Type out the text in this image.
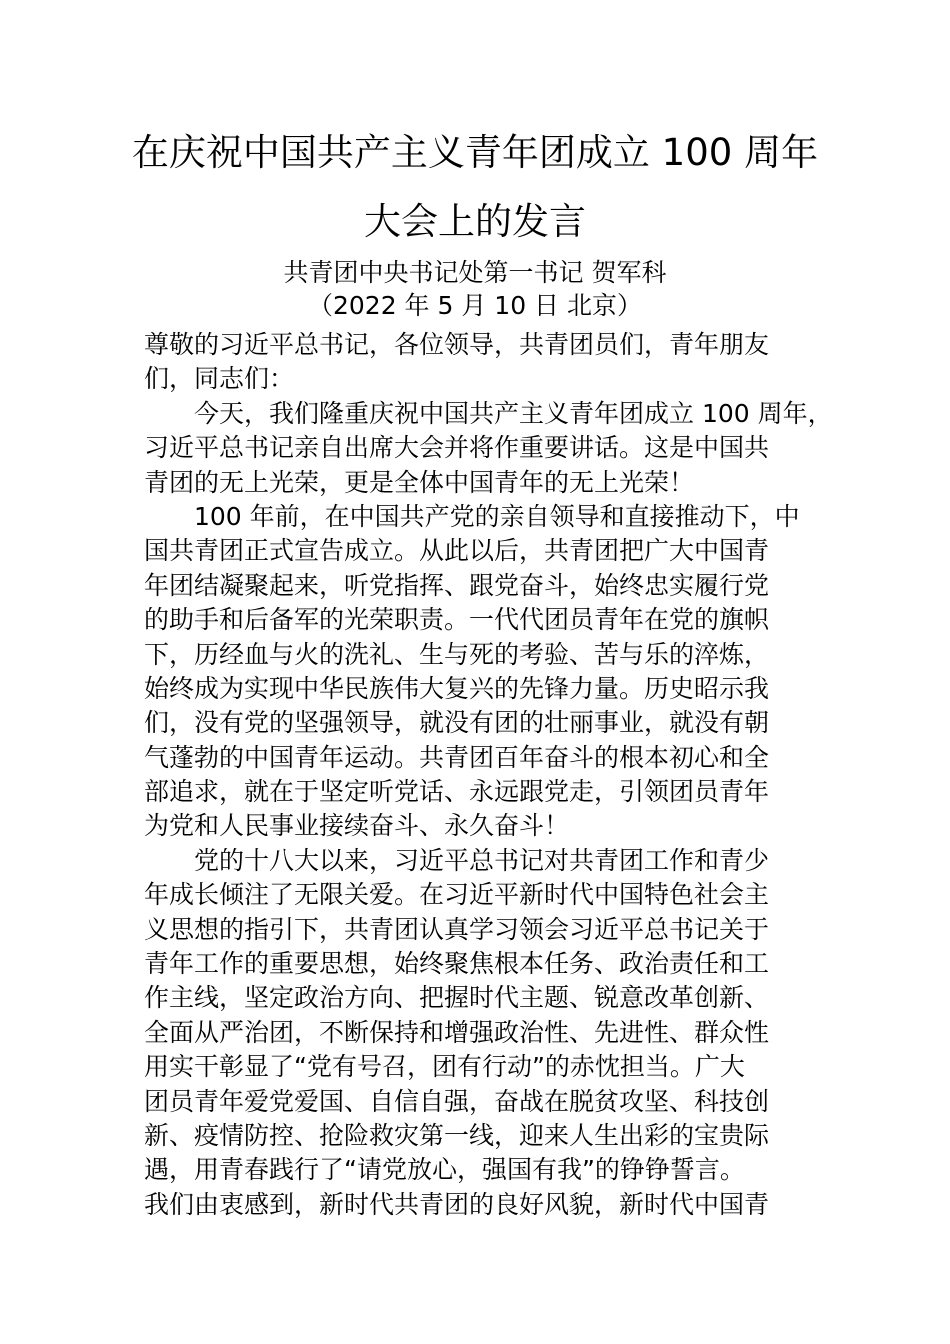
在庆祝中国共产主义青年团成立 100 周年
大会上的发言
共青团中央书记处第一书记 贺军科
（2022 年 5 月 10 日 北京）
尊敬的习近平总书记，各位领导，共青团员们，青年朋友
们，同志们：
今天，我们隆重庆祝中国共产主义青年团成立 100 周年，
习近平总书记亲自出席大会并将作重要讲话。这是中国共
青团的无上光荣，更是全体中国青年的无上光荣！
100 年前，在中国共产党的亲自领导和直接推动下，中
国共青团正式宣告成立。从此以后，共青团把广大中国青
年团结凝聚起来，听党指挥、跟党奋斗，始终忠实履行党
的助手和后备军的光荣职责。一代代团员青年在党的旗帜
下，历经血与火的洗礼、生与死的考验、苦与乐的淬炼，
始终成为实现中华民族伟大复兴的先锋力量。历史昭示我
们，没有党的坚强领导，就没有团的壮丽事业，就没有朝
气蓬勃的中国青年运动。共青团百年奋斗的根本初心和全
部追求，就在于坚定听党话、永远跟党走，引领团员青年
为党和人民事业接续奋斗、永久奋斗！
党的十八大以来，习近平总书记对共青团工作和青少
年成长倾注了无限关爱。在习近平新时代中国特色社会主
义思想的指引下，共青团认真学习领会习近平总书记关于
青年工作的重要思想，始终聚焦根本任务、政治责任和工
作主线，坚定政治方向、把握时代主题、锐意改革创新、
全面从严治团，不断保持和增强政治性、先进性、群众性
用实干彰显了“党有号召，团有行动”的赤忱担当。广大
团员青年爱党爱国、自信自强，奋战在脱贫攻坚、科技创
新、疫情防控、抢险救灾第一线，迎来人生出彩的宝贵际
遇，用青春践行了“请党放心，强国有我”的铮铮誓言。
我们由衷感到，新时代共青团的良好风貌，新时代中国青
